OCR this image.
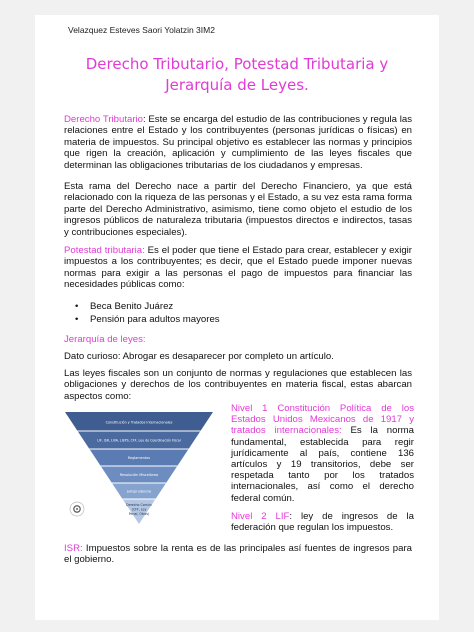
Velazquez Esteves Saori Yolatzin 3IM2
Derecho Tributario, Potestad Tributaria y
Jerarquía de Leyes.
Derecho Tributario: Este se encarga del estudio de las contribuciones y regula las relaciones entre el Estado y los contribuyentes (personas jurídicas o físicas) en materia de impuestos. Su principal objetivo es establecer las normas y principios que rigen la creación, aplicación y cumplimiento de las leyes fiscales que determinan las obligaciones tributarias de los ciudadanos y empresas.
Esta rama del Derecho nace a partir del Derecho Financiero, ya que está relacionado con la riqueza de las personas y el Estado, a su vez esta rama forma parte del Derecho Administrativo, asimismo, tiene como objeto el estudio de los ingresos públicos de naturaleza tributaria (impuestos directos e indirectos, tasas y contribuciones especiales).
Potestad tributaria: Es el poder que tiene el Estado para crear, establecer y exigir impuestos a los contribuyentes; es decir, que el Estado puede imponer nuevas normas para exigir a las personas el pago de impuestos para financiar las necesidades públicas como:
• Beca Benito Juárez
• Pensión para adultos mayores
Jerarquía de leyes:
Dato curioso: Abrogar es desaparecer por completo un artículo.
Las leyes fiscales son un conjunto de normas y regulaciones que establecen las obligaciones y derechos de los contribuyentes en materia fiscal, estas abarcan aspectos como:
Constitución y Tratados internacionales
LIF, ISR, LIVA, LIEPS, CFF, Ley de Coordinación Fiscal
Reglamentos
Resolución Miscelánea
Jurisprudencia
Derecho Común
(CFF, Ley
Penal, Otros)
Nivel 1 Constitución Política de los Estados Unidos Mexicanos de 1917 y tratados internacionales: Es la norma fundamental, establecida para regir jurídicamente al país, contiene 136 artículos y 19 transitorios, debe ser respetada tanto por los tratados internacionales, así como el derecho federal común.
Nivel 2 LIF: ley de ingresos de la federación que regulan los impuestos.
ISR: Impuestos sobre la renta es de las principales así fuentes de ingresos para el gobierno.
